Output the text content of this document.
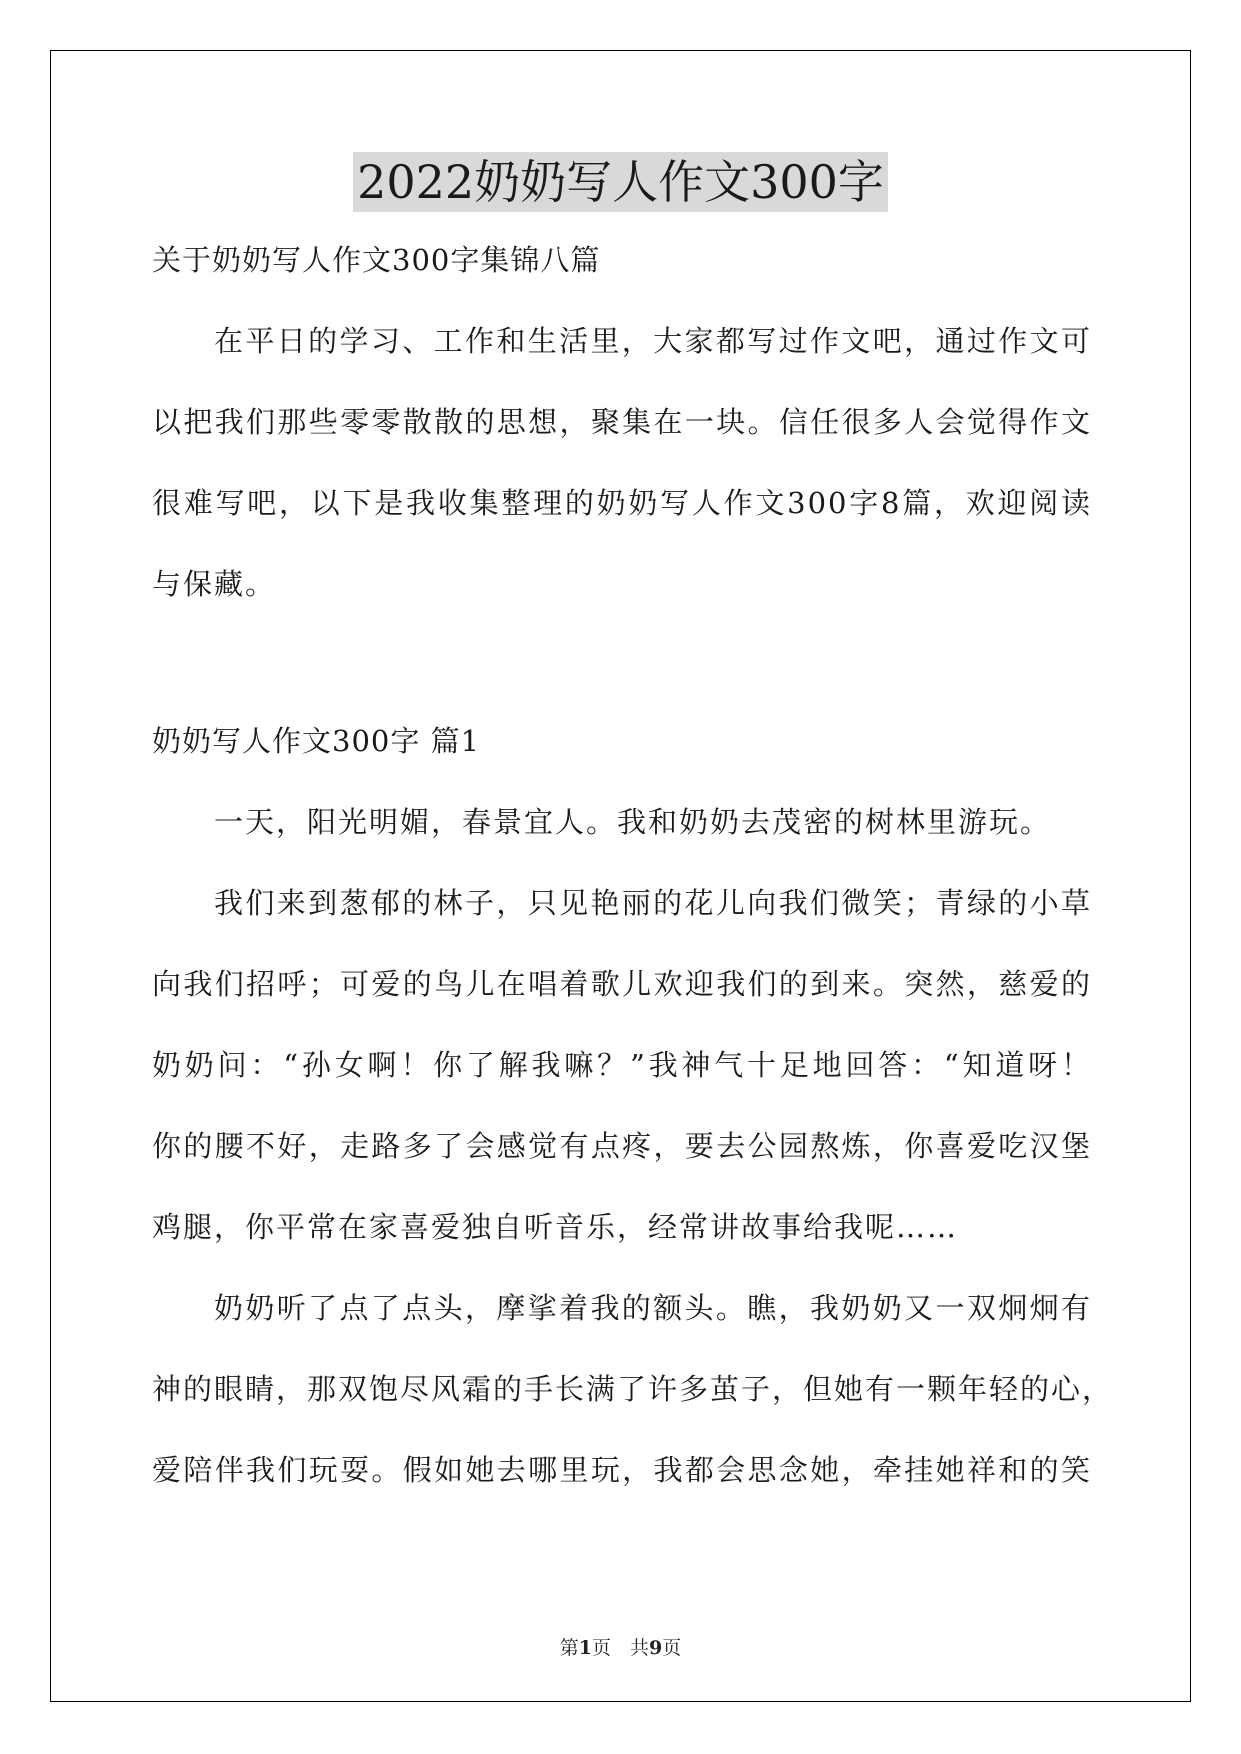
2022奶奶写人作文300字
关于奶奶写人作文300字集锦八篇
在平日的学习、工作和生活里，大家都写过作文吧，通过作文可
以把我们那些零零散散的思想，聚集在一块。信任很多人会觉得作文
很难写吧，以下是我收集整理的奶奶写人作文300字8篇，欢迎阅读
与保藏。
奶奶写人作文300字 篇1
一天，阳光明媚，春景宜人。我和奶奶去茂密的树林里游玩。
我们来到葱郁的林子，只见艳丽的花儿向我们微笑；青绿的小草
向我们招呼；可爱的鸟儿在唱着歌儿欢迎我们的到来。突然，慈爱的
奶奶问：“孙女啊！你了解我嘛？”我神气十足地回答：“知道呀！
你的腰不好，走路多了会感觉有点疼，要去公园熬炼，你喜爱吃汉堡
鸡腿，你平常在家喜爱独自听音乐，经常讲故事给我呢……
奶奶听了点了点头，摩挲着我的额头。瞧，我奶奶又一双炯炯有
神的眼睛，那双饱尽风霜的手长满了许多茧子，但她有一颗年轻的心，
爱陪伴我们玩耍。假如她去哪里玩，我都会思念她，牵挂她祥和的笑
第1页　共9页
